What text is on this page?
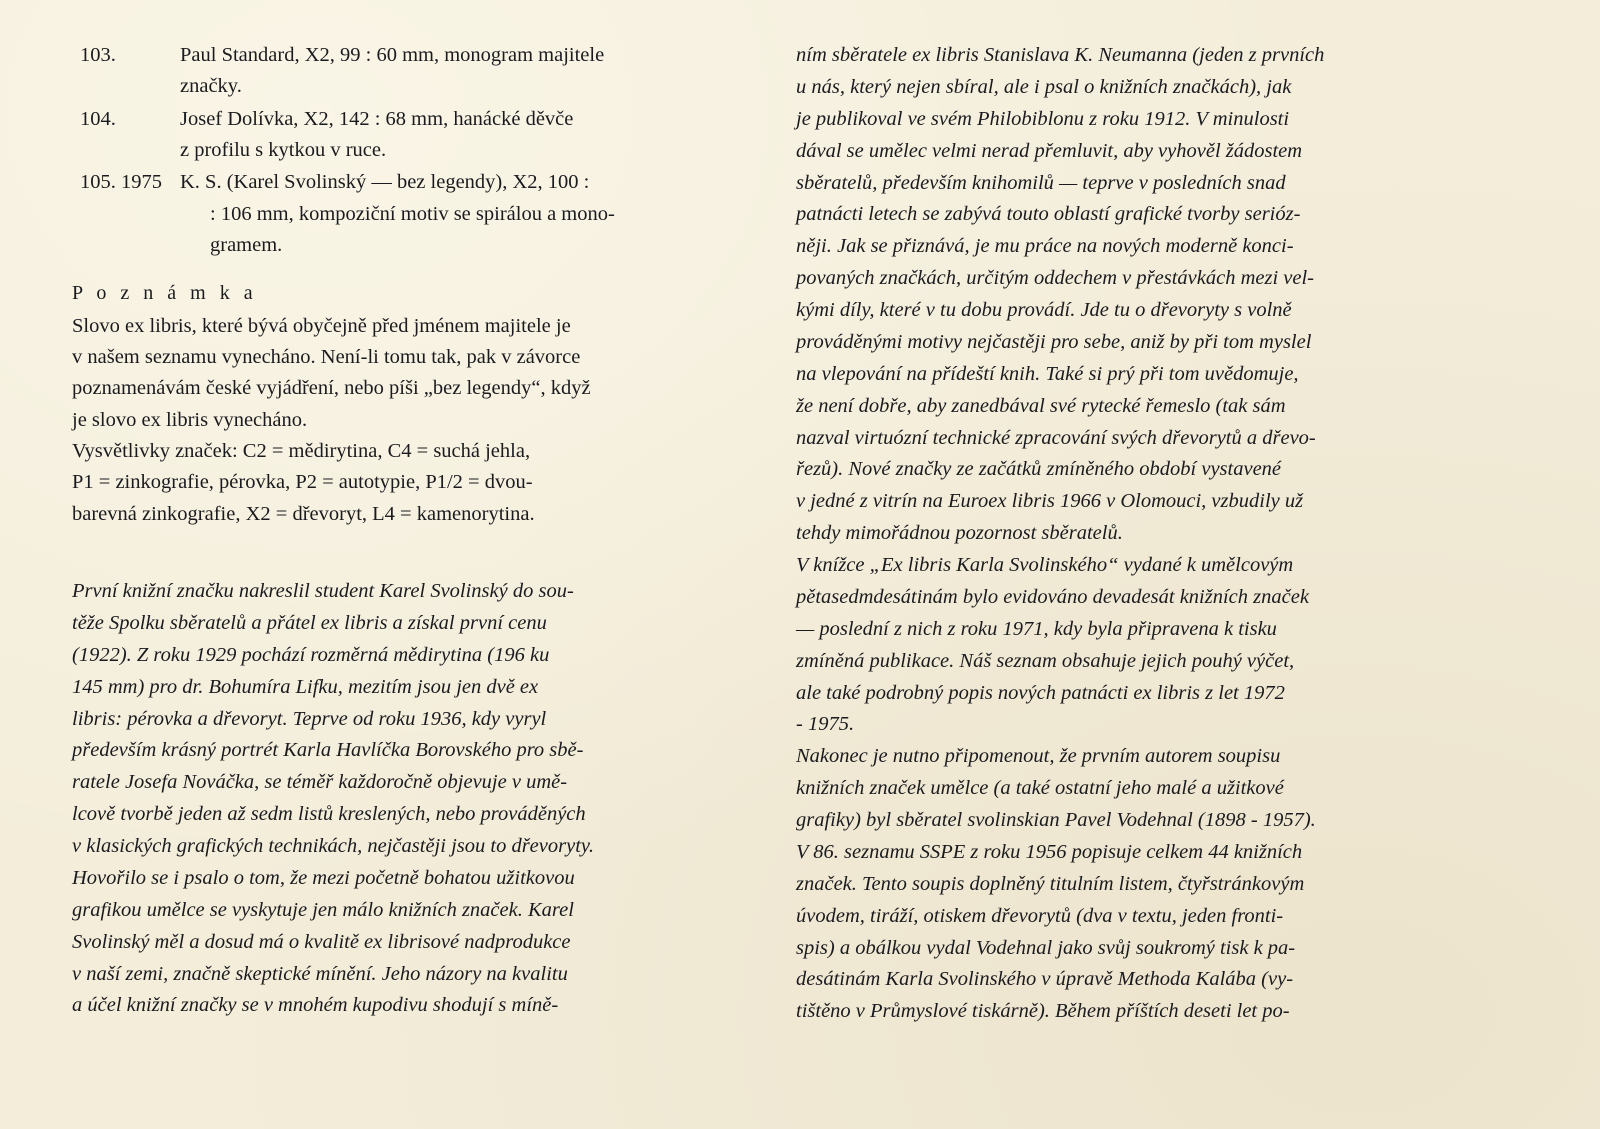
103.	Paul Standard, X2, 99 : 60 mm, monogram majitele
značky.
104.	Josef Dolívka, X2, 142 : 68 mm, hanácké děvče
z profilu s kytkou v ruce.
105. 1975 K. S. (Karel Svolinský — bez legendy), X2, 100 :
: 106 mm, kompoziční motiv se spirálou a mono-
gramem.
P o z n á m k a

Slovo ex libris, které bývá obyčejně před jménem majitele je
v našem seznamu vynecháno. Není-li tomu tak, pak v závorce
poznamenávám české vyjádření, nebo píši „bez legendy“, když
je slovo ex libris vynecháno.
Vysvětlivky značek: C2 = mědirytina, C4 = suchá jehla,
P1 = zinkografie, pérovka, P2 = autotypie, P1/2 = dvou-
barevná zinkografie, X2 = dřevoryt, L4 = kamenorytina.

První knižní značku nakreslil student Karel Svolinský do sou-
těže Spolku sběratelů a přátel ex libris a získal první cenu
(1922). Z roku 1929 pochází rozměrná mědirytina (196 ku
145 mm) pro dr. Bohumíra Lifku, mezitím jsou jen dvě ex
libris: pérovka a dřevoryt. Teprve od roku 1936, kdy vyryl
především krásný portrét Karla Havlíčka Borovského pro sbě-
ratele Josefa Nováčka, se téměř každoročně objevuje v umě-
lcově tvorbě jeden až sedm listů kreslených, nebo prováděných
v klasických grafických technikách, nejčastěji jsou to dřevoryty.
Hovořilo se i psalo o tom, že mezi početně bohatou užitkovou
grafikou umělce se vyskytuje jen málo knižních značek. Karel
Svolinský měl a dosud má o kvalitě ex librisové nadprodukce
v naší zemi, značně skeptické mínění. Jeho názory na kvalitu
a účel knižní značky se v mnohém kupodivu shodují s míně-

ním sběratele ex libris Stanislava K. Neumanna (jeden z prvních
u nás, který nejen sbíral, ale i psal o knižních značkách), jak
je publikoval ve svém Philobiblonu z roku 1912. V minulosti
dával se umělec velmi nerad přemluvit, aby vyhověl žádostem
sběratelů, především knihomilů — teprve v posledních snad
patnácti letech se zabývá touto oblastí grafické tvorby serióz-
něji. Jak se přiznává, je mu práce na nových moderně konci-
povaných značkách, určitým oddechem v přestávkách mezi vel-
kými díly, které v tu dobu provádí. Jde tu o dřevoryty s volně
prováděnými motivy nejčastěji pro sebe, aniž by při tom myslel
na vlepování na přídeští knih. Také si prý při tom uvědomuje,
že není dobře, aby zanedbával své rytecké řemeslo (tak sám
nazval virtuózní technické zpracování svých dřevorytů a dřevo-
řezů). Nové značky ze začátků zmíněného období vystavené
v jedné z vitrín na Euroex libris 1966 v Olomouci, vzbudily už
tehdy mimořádnou pozornost sběratelů.

V knížce „Ex libris Karla Svolinského“ vydané k umělcovým
pětasedmdesátinám bylo evidováno devadesát knižních značek
— poslední z nich z roku 1971, kdy byla připravena k tisku
zmíněná publikace. Náš seznam obsahuje jejich pouhý výčet,
ale také podrobný popis nových patnácti ex libris z let 1972
- 1975.

Nakonec je nutno připomenout, že prvním autorem soupisu
knižních značek umělce (a také ostatní jeho malé a užitkové
grafiky) byl sběratel svolinskian Pavel Vodehnal (1898 - 1957).
V 86. seznamu SSPE z roku 1956 popisuje celkem 44 knižních
značek. Tento soupis doplněný titulním listem, čtyřstránkovým
úvodem, tiráží, otiskem dřevorytů (dva v textu, jeden fronti-
spis) a obálkou vydal Vodehnal jako svůj soukromý tisk k pa-
desátinám Karla Svolinského v úpravě Methoda Kalába (vy-
tištěno v Průmyslové tiskárně). Během příštích deseti let po-
